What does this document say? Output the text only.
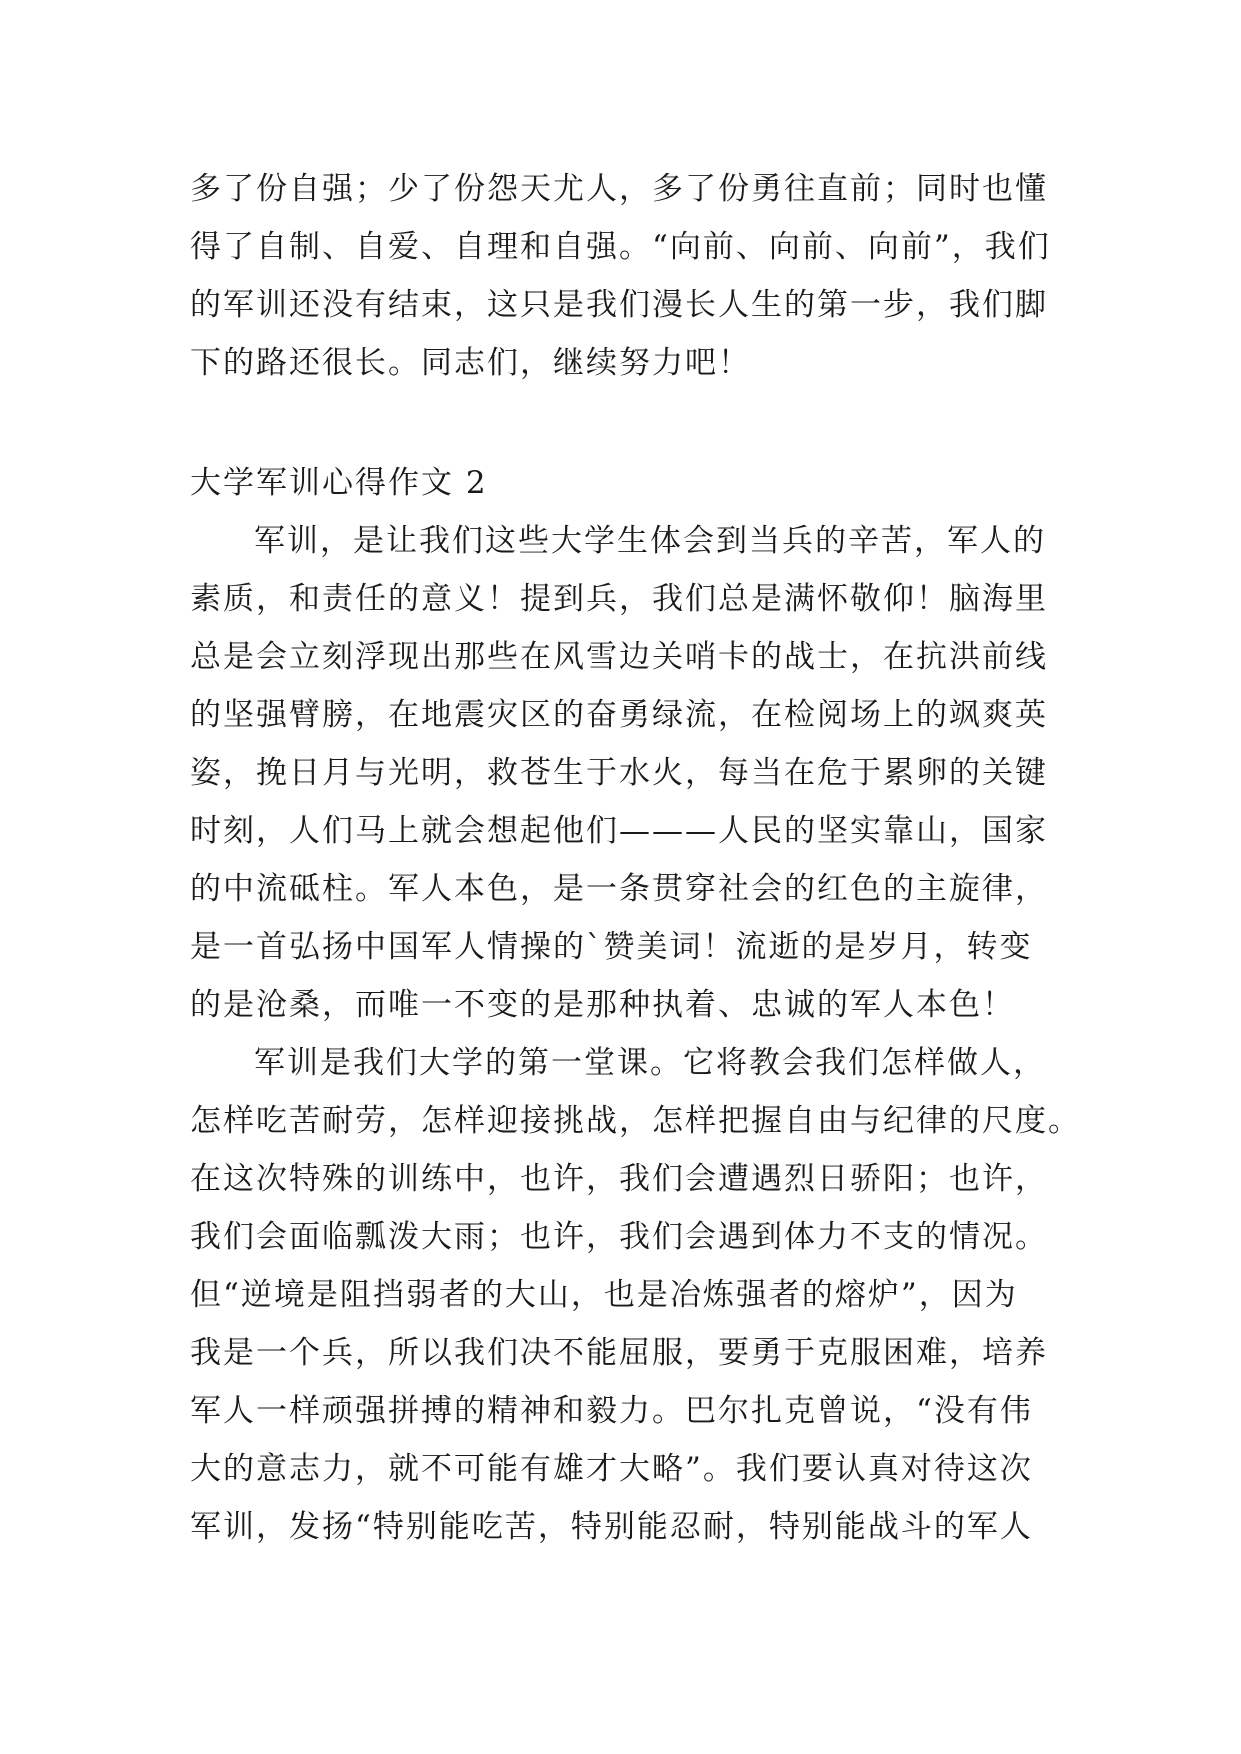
多了份自强；少了份怨天尤人，多了份勇往直前；同时也懂
得了自制、自爱、自理和自强。“向前、向前、向前”，我们
的军训还没有结束，这只是我们漫长人生的第一步，我们脚
下的路还很长。同志们，继续努力吧！
大学军训心得作文 2
军训，是让我们这些大学生体会到当兵的辛苦，军人的
素质，和责任的意义！提到兵，我们总是满怀敬仰！脑海里
总是会立刻浮现出那些在风雪边关哨卡的战士，在抗洪前线
的坚强臂膀，在地震灾区的奋勇绿流，在检阅场上的飒爽英
姿，挽日月与光明，救苍生于水火，每当在危于累卵的关键
时刻，人们马上就会想起他们———人民的坚实靠山，国家
的中流砥柱。军人本色，是一条贯穿社会的红色的主旋律，
是一首弘扬中国军人情操的`赞美词！流逝的是岁月，转变
的是沧桑，而唯一不变的是那种执着、忠诚的军人本色！
军训是我们大学的第一堂课。它将教会我们怎样做人，
怎样吃苦耐劳，怎样迎接挑战，怎样把握自由与纪律的尺度。
在这次特殊的训练中，也许，我们会遭遇烈日骄阳；也许，
我们会面临瓢泼大雨；也许，我们会遇到体力不支的情况。
但“逆境是阻挡弱者的大山，也是冶炼强者的熔炉”，因为
我是一个兵，所以我们决不能屈服，要勇于克服困难，培养
军人一样顽强拼搏的精神和毅力。巴尔扎克曾说，“没有伟
大的意志力，就不可能有雄才大略”。我们要认真对待这次
军训，发扬“特别能吃苦，特别能忍耐，特别能战斗的军人
